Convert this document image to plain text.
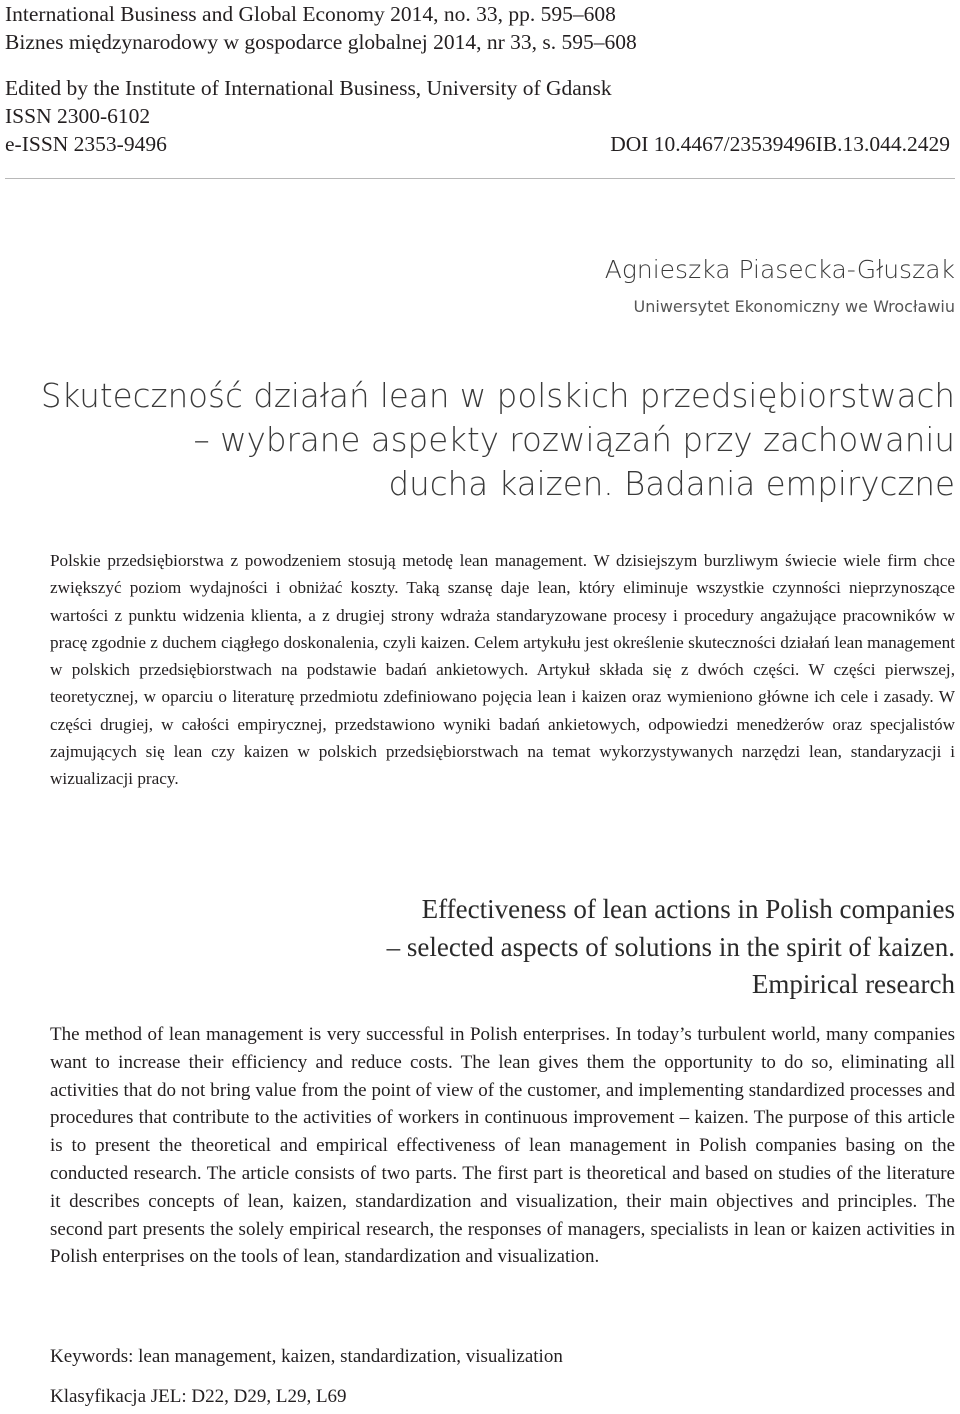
International Business and Global Economy 2014, no. 33, pp. 595–608
Biznes międzynarodowy w gospodarce globalnej 2014, nr 33, s. 595–608
Edited by the Institute of International Business, University of Gdansk
ISSN 2300-6102
e-ISSN 2353-9496	DOI 10.4467/23539496IB.13.044.2429
Agnieszka Piasecka-Głuszak
Uniwersytet Ekonomiczny we Wrocławiu
Skuteczność działań lean w polskich przedsiębiorstwach
– wybrane aspekty rozwiązań przy zachowaniu
ducha kaizen. Badania empiryczne
Polskie przedsiębiorstwa z powodzeniem stosują metodę lean management. W dzisiejszym burzliwym świecie wiele firm chce zwiększyć poziom wydajności i obniżać koszty. Taką szansę daje lean, który eliminuje wszystkie czynności nieprzynoszące wartości z punktu widzenia klienta, a z drugiej strony wdraża standaryzowane procesy i procedury angażujące pracowników w pracę zgodnie z duchem ciągłego doskonalenia, czyli kaizen. Celem artykułu jest określenie skuteczności działań lean management w polskich przedsiębiorstwach na podstawie badań ankietowych. Artykuł składa się z dwóch części. W części pierwszej, teoretycznej, w oparciu o literaturę przedmiotu zdefiniowano pojęcia lean i kaizen oraz wymieniono główne ich cele i zasady. W części drugiej, w całości empirycznej, przedstawiono wyniki badań ankietowych, odpowiedzi menedżerów oraz specjalistów zajmujących się lean czy kaizen w polskich przedsiębiorstwach na temat wykorzystywanych narzędzi lean, standaryzacji i wizualizacji pracy.
Effectiveness of lean actions in Polish companies
– selected aspects of solutions in the spirit of kaizen.
Empirical research
The method of lean management is very successful in Polish enterprises. In today’s turbulent world, many companies want to increase their efficiency and reduce costs. The lean gives them the opportunity to do so, eliminating all activities that do not bring value from the point of view of the customer, and implementing standardized processes and procedures that contribute to the activities of workers in continuous improvement – kaizen. The purpose of this article is to present the theoretical and empirical effectiveness of lean management in Polish companies basing on the conducted research. The article consists of two parts. The first part is theoretical and based on studies of the literature it describes concepts of lean, kaizen, standardization and visualization, their main objectives and principles. The second part presents the solely empirical research, the responses of managers, specialists in lean or kaizen activities in Polish enterprises on the tools of lean, standardization and visualization.
Keywords: lean management, kaizen, standardization, visualization
Klasyfikacja JEL: D22, D29, L29, L69
